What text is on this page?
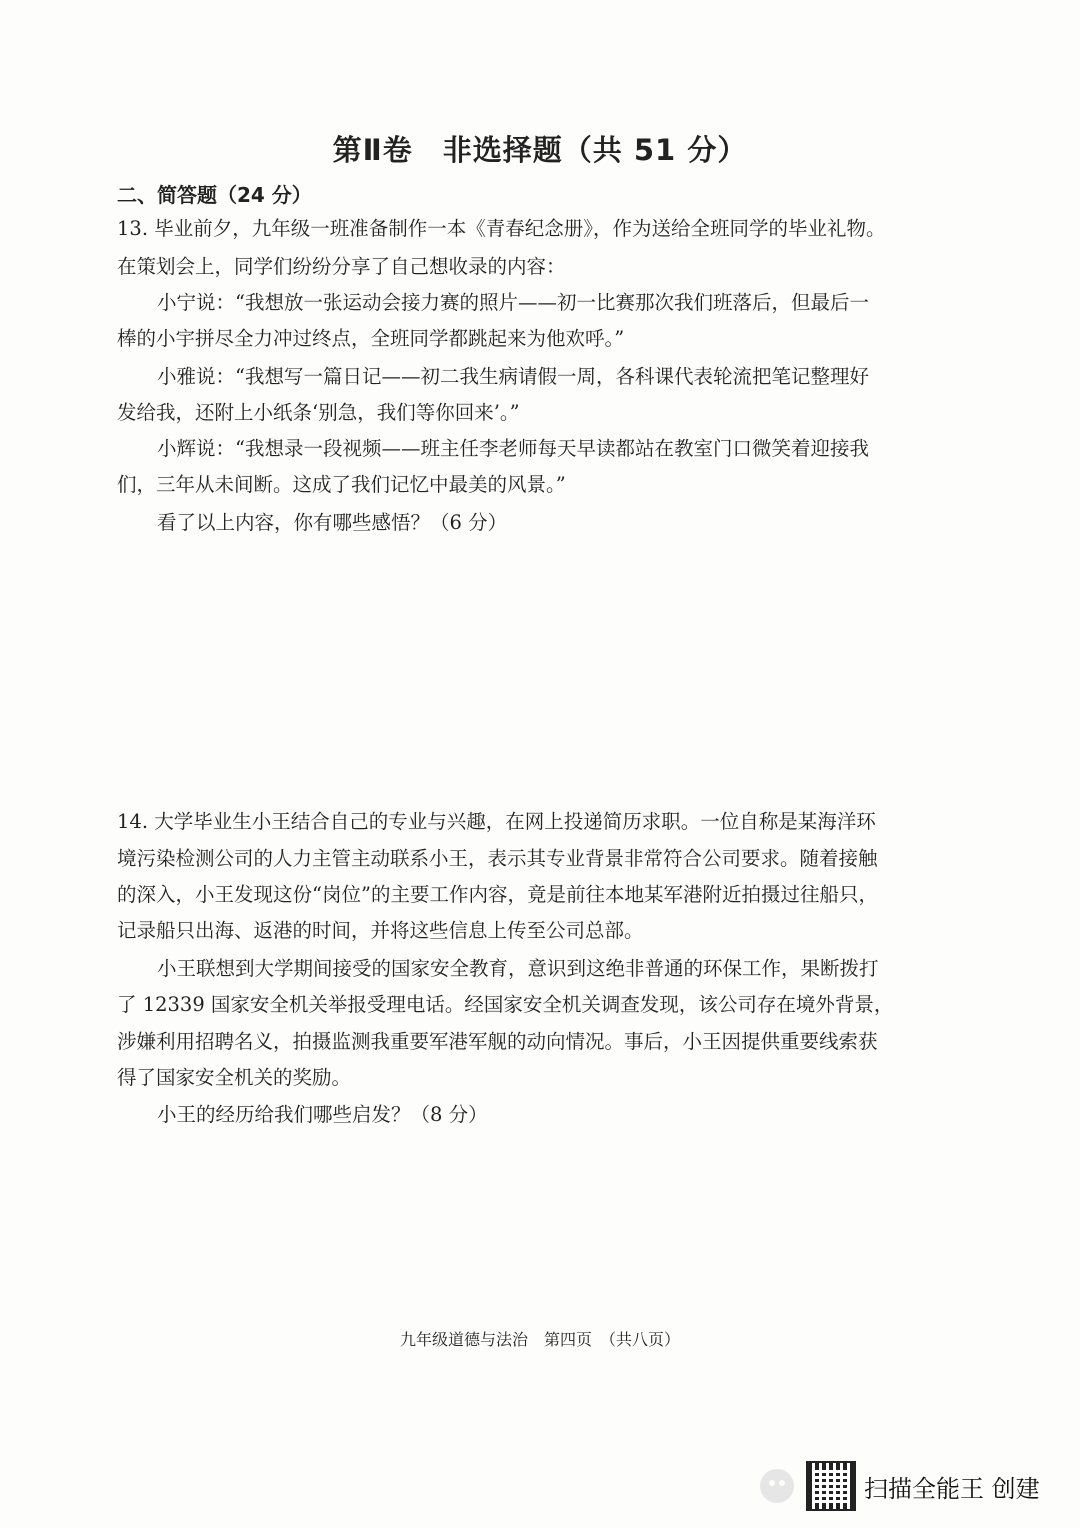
第Ⅱ卷　非选择题（共 51 分）
二、简答题（24 分）
13. 毕业前夕，九年级一班准备制作一本《青春纪念册》，作为送给全班同学的毕业礼物。
在策划会上，同学们纷纷分享了自己想收录的内容：
小宁说：“我想放一张运动会接力赛的照片——初一比赛那次我们班落后，但最后一
棒的小宇拼尽全力冲过终点，全班同学都跳起来为他欢呼。”
小雅说：“我想写一篇日记——初二我生病请假一周，各科课代表轮流把笔记整理好
发给我，还附上小纸条‘别急，我们等你回来’。”
小辉说：“我想录一段视频——班主任李老师每天早读都站在教室门口微笑着迎接我
们，三年从未间断。这成了我们记忆中最美的风景。”
看了以上内容，你有哪些感悟？（6 分）
14. 大学毕业生小王结合自己的专业与兴趣，在网上投递简历求职。一位自称是某海洋环
境污染检测公司的人力主管主动联系小王，表示其专业背景非常符合公司要求。随着接触
的深入，小王发现这份“岗位”的主要工作内容，竟是前往本地某军港附近拍摄过往船只，
记录船只出海、返港的时间，并将这些信息上传至公司总部。
小王联想到大学期间接受的国家安全教育，意识到这绝非普通的环保工作，果断拨打
了 12339 国家安全机关举报受理电话。经国家安全机关调查发现，该公司存在境外背景，
涉嫌利用招聘名义，拍摄监测我重要军港军舰的动向情况。事后，小王因提供重要线索获
得了国家安全机关的奖励。
小王的经历给我们哪些启发？（8 分）
九年级道德与法治　第四页　（共八页）
扫描全能王 创建
